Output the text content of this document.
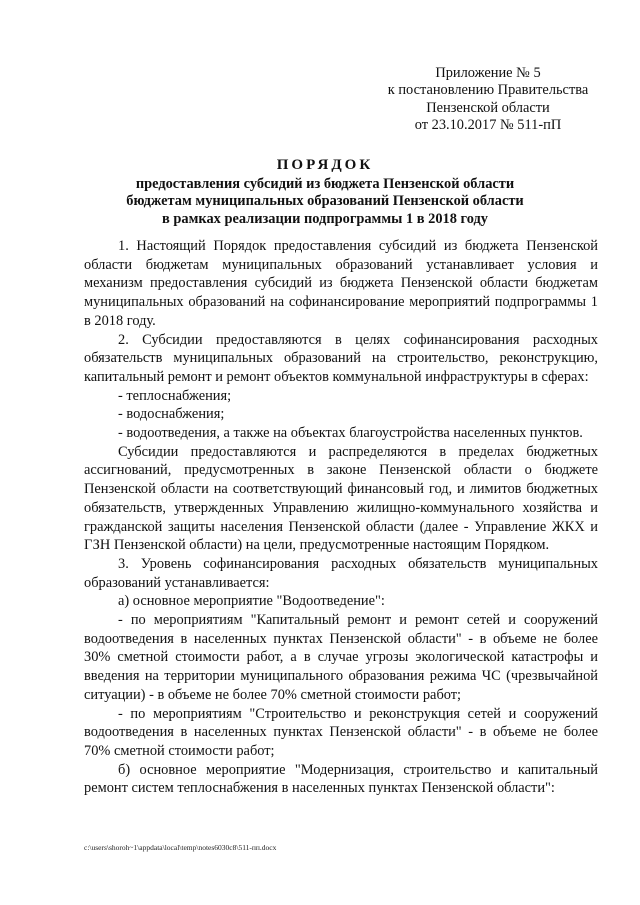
Приложение № 5
к постановлению Правительства
Пензенской области
от 23.10.2017 № 511-пП
ПОРЯДОК
предоставления субсидий из бюджета Пензенской области
бюджетам муниципальных образований Пензенской области
в рамках реализации подпрограммы 1 в 2018 году

1. Настоящий Порядок предоставления субсидий из бюджета Пензенской области бюджетам муниципальных образований устанавливает условия и механизм предоставления субсидий из бюджета Пензенской области бюджетам муниципальных образований на софинансирование мероприятий подпрограммы 1 в 2018 году.

2. Субсидии предоставляются в целях софинансирования расходных обязательств муниципальных образований на строительство, реконструкцию, капитальный ремонт и ремонт объектов коммунальной инфраструктуры в сферах:

- теплоснабжения;

- водоснабжения;

- водоотведения, а также на объектах благоустройства населенных пунктов.

Субсидии предоставляются и распределяются в пределах бюджетных ассигнований, предусмотренных в законе Пензенской области о бюджете Пензенской области на соответствующий финансовый год, и лимитов бюджетных обязательств, утвержденных Управлению жилищно-коммунального хозяйства и гражданской защиты населения Пензенской области (далее - Управление ЖКХ и ГЗН Пензенской области) на цели, предусмотренные настоящим Порядком.

3. Уровень софинансирования расходных обязательств муниципальных образований устанавливается:

а) основное мероприятие "Водоотведение":

- по мероприятиям "Капитальный ремонт и ремонт сетей и сооружений водоотведения в населенных пунктах Пензенской области" - в объеме не более 30% сметной стоимости работ, а в случае угрозы экологической катастрофы и введения на территории муниципального образования режима ЧС (чрезвычайной ситуации) - в объеме не более 70% сметной стоимости работ;

- по мероприятиям "Строительство и реконструкция сетей и сооружений водоотведения в населенных пунктах Пензенской области" - в объеме не более 70% сметной стоимости работ;

б) основное мероприятие "Модернизация, строительство и капитальный ремонт систем теплоснабжения в населенных пунктах Пензенской области":

c:\users\shoroh~1\appdata\local\temp\notes6030c8\511-пп.docx
